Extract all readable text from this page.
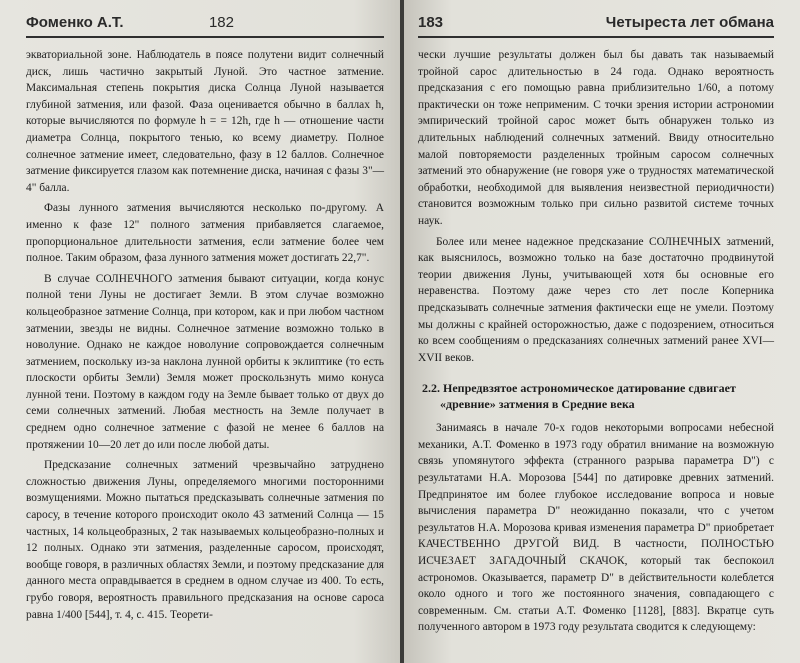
Фоменко А.Т.	182

экваториальной зоне. Наблюдатель в поясе полутени видит солнечный диск, лишь частично закрытый Луной. Это частное затмение. Максимальная степень покрытия диска Солнца Луной называется глубиной затмения, или фазой. Фаза оценивается обычно в баллах h, которые вычисляются по формуле h = = 12h, где h — отношение части диаметра Солнца, покрытого тенью, ко всему диаметру. Полное солнечное затмение имеет, следовательно, фазу в 12 баллов. Солнечное затмение фиксируется глазом как потемнение диска, начиная с фазы 3"—4" балла.

Фазы лунного затмения вычисляются несколько по-другому. А именно к фазе 12" полного затмения прибавляется слагаемое, пропорциональное длительности затмения, если затмение более чем полное. Таким образом, фаза лунного затмения может достигать 22,7".

В случае СОЛНЕЧНОГО затмения бывают ситуации, когда конус полной тени Луны не достигает Земли. В этом случае возможно кольцеобразное затмение Солнца, при котором, как и при любом частном затмении, звезды не видны. Солнечное затмение возможно только в новолуние. Однако не каждое новолуние сопровождается солнечным затмением, поскольку из-за наклона лунной орбиты к эклиптике (то есть плоскости орбиты Земли) Земля может проскользнуть мимо конуса лунной тени. Поэтому в каждом году на Земле бывает только от двух до семи солнечных затмений. Любая местность на Земле получает в среднем одно солнечное затмение с фазой не менее 6 баллов на протяжении 10—20 лет до или после любой даты.

Предсказание солнечных затмений чрезвычайно затруднено сложностью движения Луны, определяемого многими посторонними возмущениями. Можно пытаться предсказывать солнечные затмения по саросу, в течение которого происходит около 43 затмений Солнца — 15 частных, 14 кольцеобразных, 2 так называемых кольцеобразно-полных и 12 полных. Однако эти затмения, разделенные саросом, происходят, вообще говоря, в различных областях Земли, и поэтому предсказание для данного места оправдывается в среднем в одном случае из 400. То есть, грубо говоря, вероятность правильного предсказания на основе сароса равна 1/400 [544], т. 4, с. 415. Теорети-

183	Четыреста лет обмана

чески лучшие результаты должен был бы давать так называемый тройной сарос длительностью в 24 года. Однако вероятность предсказания с его помощью равна приблизительно 1/60, а потому практически он тоже неприменим. С точки зрения истории астрономии эмпирический тройной сарос может быть обнаружен только из длительных наблюдений солнечных затмений. Ввиду относительно малой повторяемости разделенных тройным саросом солнечных затмений это обнаружение (не говоря уже о трудностях математической обработки, необходимой для выявления неизвестной периодичности) становится возможным только при сильно развитой системе точных наук.

Более или менее надежное предсказание СОЛНЕЧНЫХ затмений, как выяснилось, возможно только на базе достаточно продвинутой теории движения Луны, учитывающей хотя бы основные его неравенства. Поэтому даже через сто лет после Коперника предсказывать солнечные затмения фактически еще не умели. Поэтому мы должны с крайней осторожностью, даже с подозрением, относиться ко всем сообщениям о предсказаниях солнечных затмений ранее XVI—XVII веков.

2.2. Непредвзятое астрономическое датирование сдвигает «древние» затмения в Средние века

Занимаясь в начале 70-х годов некоторыми вопросами небесной механики, А.Т. Фоменко в 1973 году обратил внимание на возможную связь упомянутого эффекта (странного разрыва параметра D") с результатами Н.А. Морозова [544] по датировке древних затмений. Предпринятое им более глубокое исследование вопроса и новые вычисления параметра D" неожиданно показали, что с учетом результатов Н.А. Морозова кривая изменения параметра D" приобретает КАЧЕСТВЕННО ДРУГОЙ ВИД. В частности, ПОЛНОСТЬЮ ИСЧЕЗАЕТ ЗАГАДОЧНЫЙ СКАЧОК, который так беспокоил астрономов. Оказывается, параметр D" в действительности колеблется около одного и того же постоянного значения, совпадающего с современным. См. статьи А.Т. Фоменко [1128], [883]. Вкратце суть полученного автором в 1973 году результата сводится к следующему:
